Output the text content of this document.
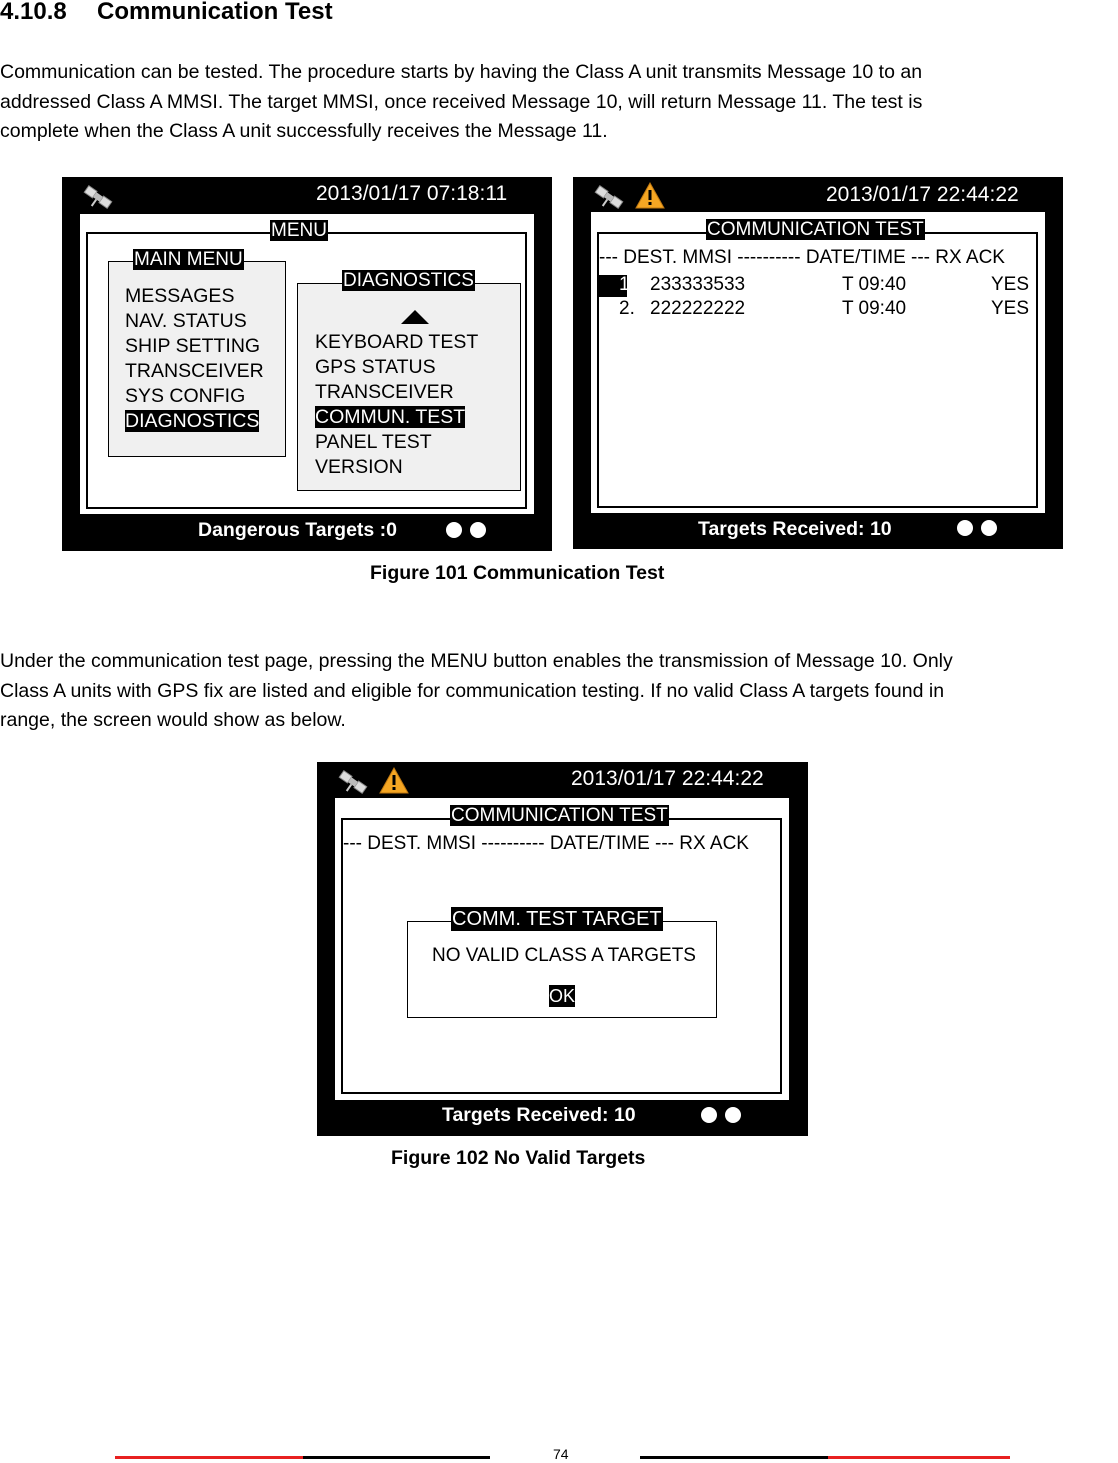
4.10.8 Communication Test
Communication can be tested. The procedure starts by having the Class A unit transmits Message 10 to an
addressed Class A MMSI. The target MMSI, once received Message 10, will return Message 11. The test is
complete when the Class A unit successfully receives the Message 11.
2013/01/17 07:18:11
MENU
MAIN MENU
MESSAGES
NAV. STATUS
SHIP SETTING
TRANSCEIVER
SYS CONFIG
DIAGNOSTICS
DIAGNOSTICS
KEYBOARD TEST
GPS STATUS
TRANSCEIVER
COMMUN. TEST
PANEL TEST
VERSION
Dangerous Targets :0
2013/01/17 22:44:22
COMMUNICATION TEST
--- DEST. MMSI ---------- DATE/TIME --- RX ACK
1. 233333533	T 09:40	YES
2. 222222222	T 09:40	YES
Targets Received: 10
Figure 101 Communication Test
Under the communication test page, pressing the MENU button enables the transmission of Message 10. Only
Class A units with GPS fix are listed and eligible for communication testing. If no valid Class A targets found in
range, the screen would show as below.
2013/01/17 22:44:22
COMMUNICATION TEST
--- DEST. MMSI ---------- DATE/TIME --- RX ACK
COMM. TEST TARGET
NO VALID CLASS A TARGETS
OK
Targets Received: 10
Figure 102 No Valid Targets
74
